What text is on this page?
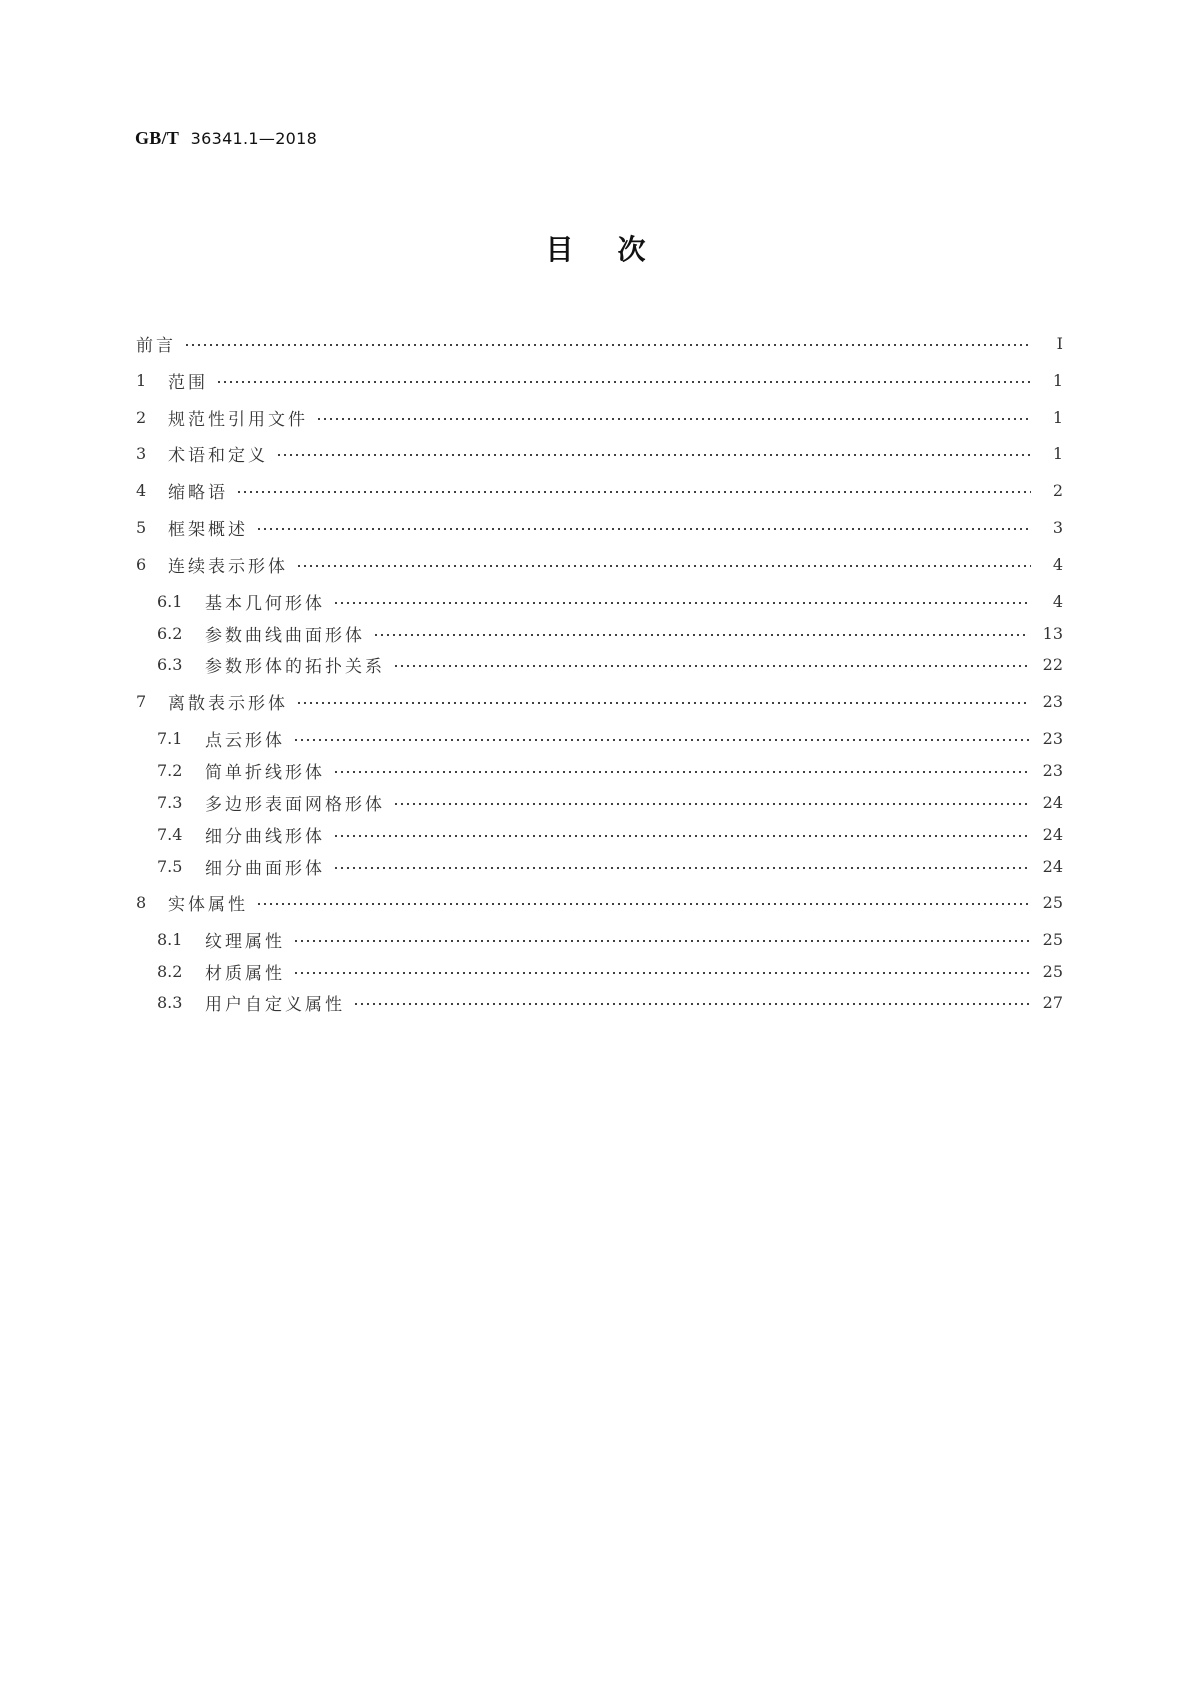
GB/T 36341.1—2018
目次
前言	I
1	范围	1
2	规范性引用文件	1
3	术语和定义	1
4	缩略语	2
5	框架概述	3
6	连续表示形体	4
6.1	基本几何形体	4
6.2	参数曲线曲面形体	13
6.3	参数形体的拓扑关系	22
7	离散表示形体	23
7.1	点云形体	23
7.2	简单折线形体	23
7.3	多边形表面网格形体	24
7.4	细分曲线形体	24
7.5	细分曲面形体	24
8	实体属性	25
8.1	纹理属性	25
8.2	材质属性	25
8.3	用户自定义属性	27
